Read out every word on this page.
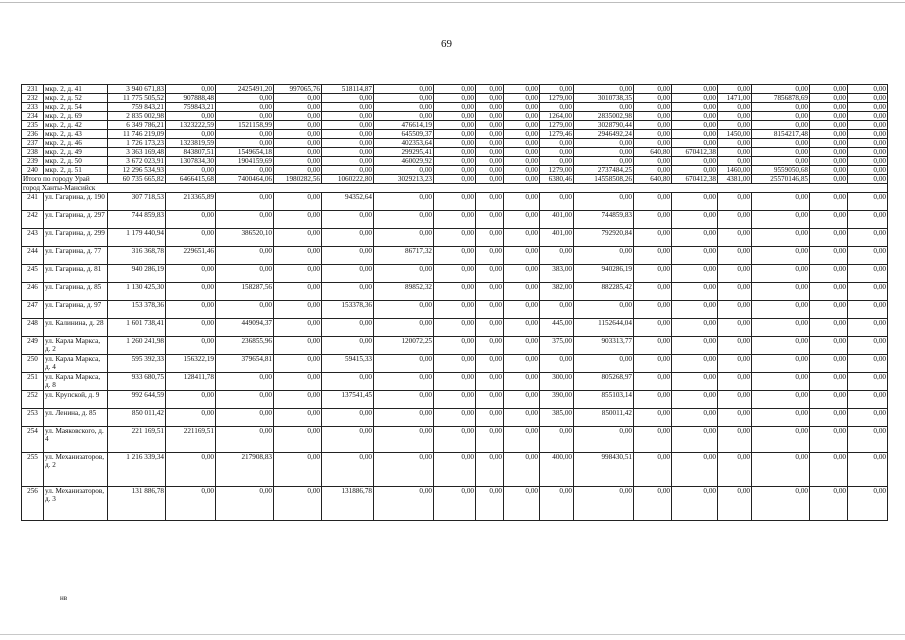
69
231	мкр. 2, д. 41	3 940 671,83	0,00	2425491,20	997065,76	518114,87	0,00	0,00	0,00	0,00	0,00	0,00	0,00	0,00	0,00	0,00	0,00	0,00
232	мкр. 2, д. 52	11 775 505,52	907888,48	0,00	0,00	0,00	0,00	0,00	0,00	0,00	1279,00	3010738,35	0,00	0,00	1471,00	7856878,69	0,00	0,00
233	мкр. 2, д. 54	759 843,21	759843,21	0,00	0,00	0,00	0,00	0,00	0,00	0,00	0,00	0,00	0,00	0,00	0,00	0,00	0,00	0,00
234	мкр. 2, д. 69	2 835 002,98	0,00	0,00	0,00	0,00	0,00	0,00	0,00	0,00	1264,00	2835002,98	0,00	0,00	0,00	0,00	0,00	0,00
235	мкр. 2, д. 42	6 349 786,21	1323222,59	1521158,99	0,00	0,00	476614,19	0,00	0,00	0,00	1279,00	3028790,44	0,00	0,00	0,00	0,00	0,00	0,00
236	мкр. 2, д. 43	11 746 219,09	0,00	0,00	0,00	0,00	645509,37	0,00	0,00	0,00	1279,46	2946492,24	0,00	0,00	1450,00	8154217,48	0,00	0,00
237	мкр. 2, д. 46	1 726 173,23	1323819,59	0,00	0,00	0,00	402353,64	0,00	0,00	0,00	0,00	0,00	0,00	0,00	0,00	0,00	0,00	0,00
238	мкр. 2, д. 49	3 363 169,48	843807,51	1549654,18	0,00	0,00	299295,41	0,00	0,00	0,00	0,00	0,00	640,80	670412,38	0,00	0,00	0,00	0,00
239	мкр. 2, д. 50	3 672 023,91	1307834,30	1904159,69	0,00	0,00	460029,92	0,00	0,00	0,00	0,00	0,00	0,00	0,00	0,00	0,00	0,00	0,00
240	мкр. 2, д. 51	12 296 534,93	0,00	0,00	0,00	0,00	0,00	0,00	0,00	0,00	1279,00	2737484,25	0,00	0,00	1460,00	9559050,68	0,00	0,00
Итого по городу Урай		60 735 665,82	6466415,68	7400464,06	1980282,56	1060222,80	3029213,23	0,00	0,00	0,00	6380,46	14558508,26	640,80	670412,38	4381,00	25570146,85	0,00	0,00
город Ханты-Мансийск																		
241	ул. Гагарина, д. 190	307 718,53	213365,89	0,00	0,00	94352,64	0,00	0,00	0,00	0,00	0,00	0,00	0,00	0,00	0,00	0,00	0,00	0,00
242	ул. Гагарина, д. 297	744 859,83	0,00	0,00	0,00	0,00	0,00	0,00	0,00	0,00	401,00	744859,83	0,00	0,00	0,00	0,00	0,00	0,00
243	ул. Гагарина, д. 299	1 179 440,94	0,00	386520,10	0,00	0,00	0,00	0,00	0,00	0,00	401,00	792920,84	0,00	0,00	0,00	0,00	0,00	0,00
244	ул. Гагарина, д. 77	316 368,78	229651,46	0,00	0,00	0,00	86717,32	0,00	0,00	0,00	0,00	0,00	0,00	0,00	0,00	0,00	0,00	0,00
245	ул. Гагарина, д. 81	940 286,19	0,00	0,00	0,00	0,00	0,00	0,00	0,00	0,00	383,00	940286,19	0,00	0,00	0,00	0,00	0,00	0,00
246	ул. Гагарина, д. 85	1 130 425,30	0,00	158287,56	0,00	0,00	89852,32	0,00	0,00	0,00	382,00	882285,42	0,00	0,00	0,00	0,00	0,00	0,00
247	ул. Гагарина, д. 97	153 378,36	0,00	0,00	0,00	153378,36	0,00	0,00	0,00	0,00	0,00	0,00	0,00	0,00	0,00	0,00	0,00	0,00
248	ул. Калинина, д. 28	1 601 738,41	0,00	449094,37	0,00	0,00	0,00	0,00	0,00	0,00	445,00	1152644,04	0,00	0,00	0,00	0,00	0,00	0,00
249	ул. Карла Маркса, д. 2	1 260 241,98	0,00	236855,96	0,00	0,00	120072,25	0,00	0,00	0,00	375,00	903313,77	0,00	0,00	0,00	0,00	0,00	0,00
250	ул. Карла Маркса, д. 4	595 392,33	156322,19	379654,81	0,00	59415,33	0,00	0,00	0,00	0,00	0,00	0,00	0,00	0,00	0,00	0,00	0,00	0,00
251	ул. Карла Маркса, д. 8	933 680,75	128411,78	0,00	0,00	0,00	0,00	0,00	0,00	0,00	300,00	805268,97	0,00	0,00	0,00	0,00	0,00	0,00
252	ул. Крупской, д. 9	992 644,59	0,00	0,00	0,00	137541,45	0,00	0,00	0,00	0,00	390,00	855103,14	0,00	0,00	0,00	0,00	0,00	0,00
253	ул. Ленина, д. 85	850 011,42	0,00	0,00	0,00	0,00	0,00	0,00	0,00	0,00	385,00	850011,42	0,00	0,00	0,00	0,00	0,00	0,00
254	ул. Маяковского, д. 4	221 169,51	221169,51	0,00	0,00	0,00	0,00	0,00	0,00	0,00	0,00	0,00	0,00	0,00	0,00	0,00	0,00	0,00
255	ул. Механизаторов, д. 2	1 216 339,34	0,00	217908,83	0,00	0,00	0,00	0,00	0,00	0,00	400,00	998430,51	0,00	0,00	0,00	0,00	0,00	0,00
256	ул. Механизаторов, д. 3	131 886,78	0,00	0,00	0,00	131886,78	0,00	0,00	0,00	0,00	0,00	0,00	0,00	0,00	0,00	0,00	0,00	0,00
нв
